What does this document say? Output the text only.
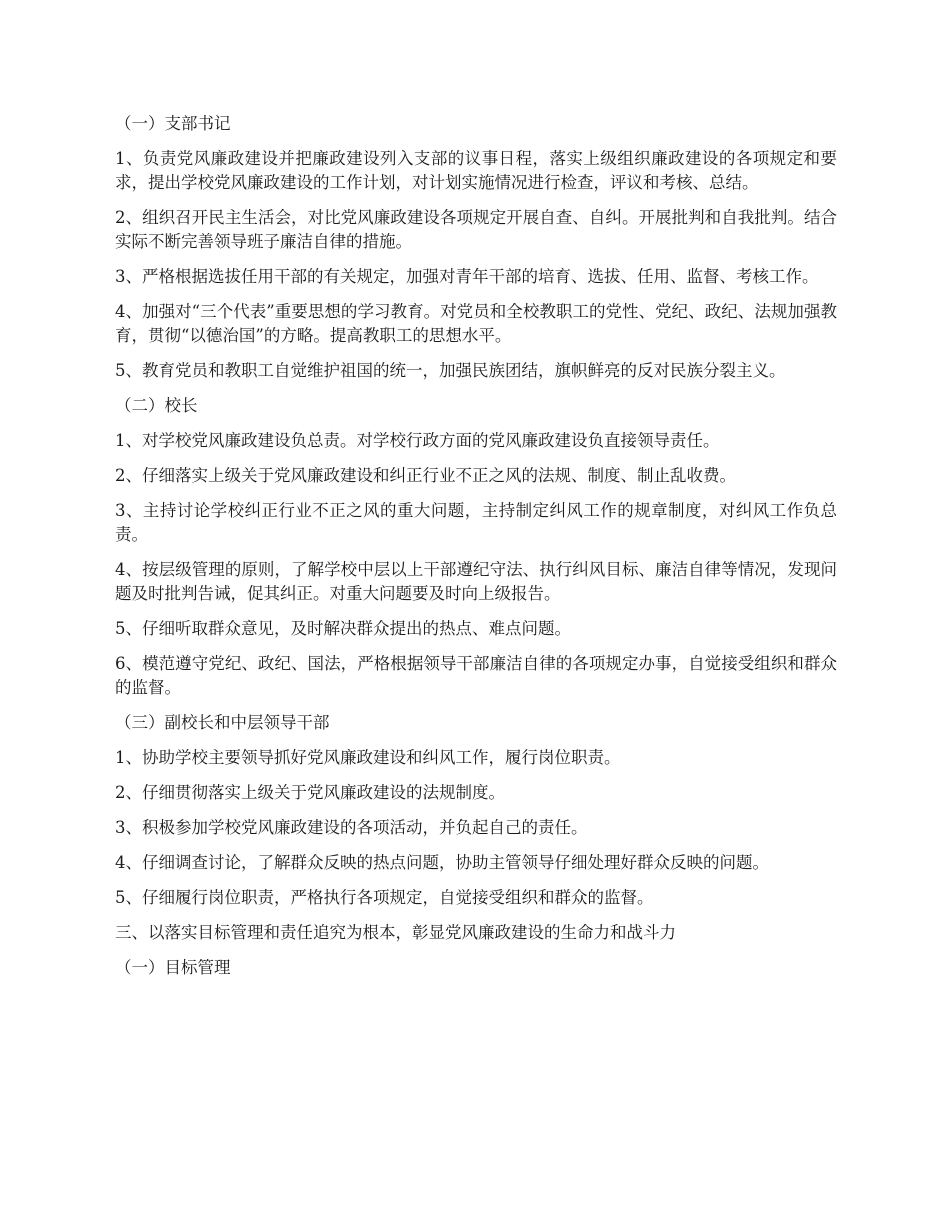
（一）支部书记

1、负责党风廉政建设并把廉政建设列入支部的议事日程，落实上级组织廉政建设的各项规定和要求，提出学校党风廉政建设的工作计划，对计划实施情况进行检查，评议和考核、总结。

2、组织召开民主生活会，对比党风廉政建设各项规定开展自查、自纠。开展批判和自我批判。结合实际不断完善领导班子廉洁自律的措施。

3、严格根据选拔任用干部的有关规定，加强对青年干部的培育、选拔、任用、监督、考核工作。

4、加强对“三个代表”重要思想的学习教育。对党员和全校教职工的党性、党纪、政纪、法规加强教育，贯彻“以德治国”的方略。提高教职工的思想水平。

5、教育党员和教职工自觉维护祖国的统一，加强民族团结，旗帜鲜亮的反对民族分裂主义。

（二）校长

1、对学校党风廉政建设负总责。对学校行政方面的党风廉政建设负直接领导责任。

2、仔细落实上级关于党风廉政建设和纠正行业不正之风的法规、制度、制止乱收费。

3、主持讨论学校纠正行业不正之风的重大问题，主持制定纠风工作的规章制度，对纠风工作负总责。

4、按层级管理的原则，了解学校中层以上干部遵纪守法、执行纠风目标、廉洁自律等情况，发现问题及时批判告诫，促其纠正。对重大问题要及时向上级报告。

5、仔细听取群众意见，及时解决群众提出的热点、难点问题。

6、模范遵守党纪、政纪、国法，严格根据领导干部廉洁自律的各项规定办事，自觉接受组织和群众的监督。

（三）副校长和中层领导干部

1、协助学校主要领导抓好党风廉政建设和纠风工作，履行岗位职责。

2、仔细贯彻落实上级关于党风廉政建设的法规制度。

3、积极参加学校党风廉政建设的各项活动，并负起自己的责任。

4、仔细调查讨论，了解群众反映的热点问题，协助主管领导仔细处理好群众反映的问题。

5、仔细履行岗位职责，严格执行各项规定，自觉接受组织和群众的监督。

三、以落实目标管理和责任追究为根本，彰显党风廉政建设的生命力和战斗力

（一）目标管理
